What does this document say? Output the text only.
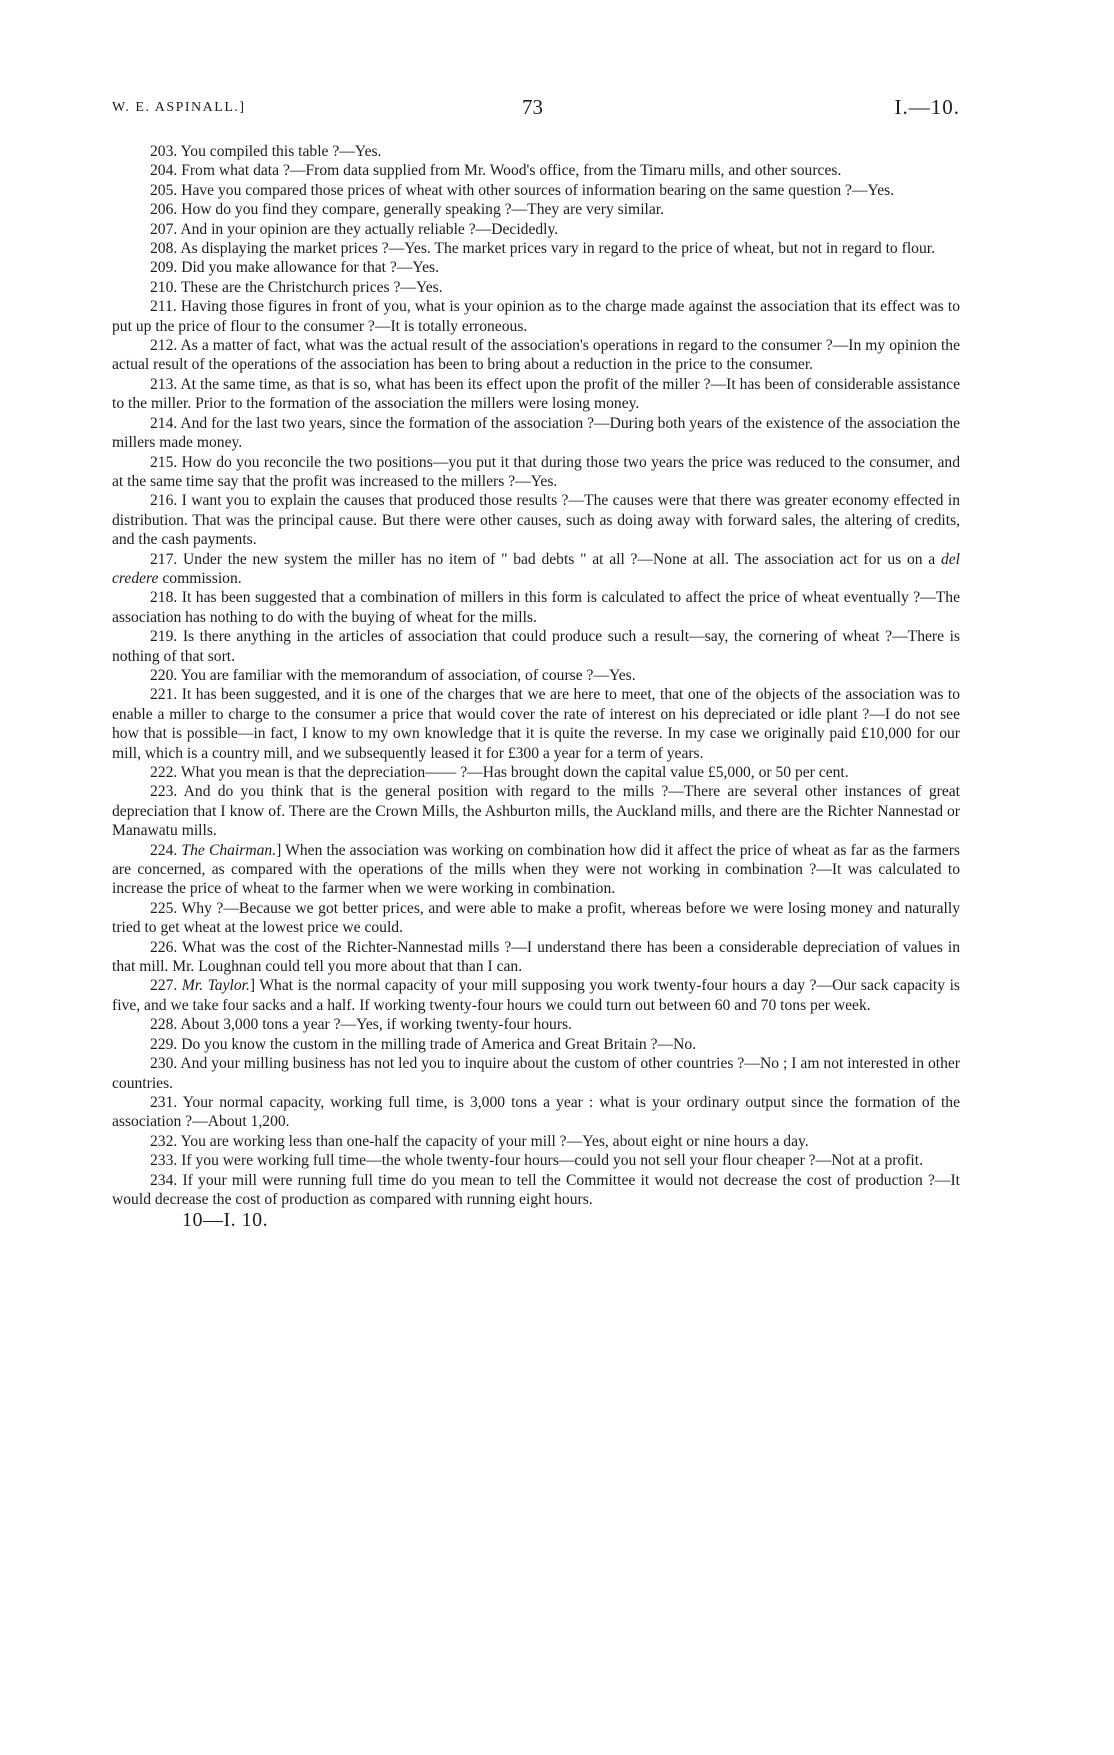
W. E. ASPINALL.]	73	I.—10.

203. You compiled this table ?—Yes.

204. From what data ?—From data supplied from Mr. Wood's office, from the Timaru mills, and other sources.

205. Have you compared those prices of wheat with other sources of information bearing on the same question ?—Yes.

206. How do you find they compare, generally speaking ?—They are very similar.

207. And in your opinion are they actually reliable ?—Decidedly.

208. As displaying the market prices ?—Yes. The market prices vary in regard to the price of wheat, but not in regard to flour.

209. Did you make allowance for that ?—Yes.

210. These are the Christchurch prices ?—Yes.

211. Having those figures in front of you, what is your opinion as to the charge made against the association that its effect was to put up the price of flour to the consumer ?—It is totally erroneous.

212. As a matter of fact, what was the actual result of the association's operations in regard to the consumer ?—In my opinion the actual result of the operations of the association has been to bring about a reduction in the price to the consumer.

213. At the same time, as that is so, what has been its effect upon the profit of the miller ?—It has been of considerable assistance to the miller. Prior to the formation of the association the millers were losing money.

214. And for the last two years, since the formation of the association ?—During both years of the existence of the association the millers made money.

215. How do you reconcile the two positions—you put it that during those two years the price was reduced to the consumer, and at the same time say that the profit was increased to the millers ?—Yes.

216. I want you to explain the causes that produced those results ?—The causes were that there was greater economy effected in distribution. That was the principal cause. But there were other causes, such as doing away with forward sales, the altering of credits, and the cash payments.

217. Under the new system the miller has no item of " bad debts " at all ?—None at all. The association act for us on a del credere commission.

218. It has been suggested that a combination of millers in this form is calculated to affect the price of wheat eventually ?—The association has nothing to do with the buying of wheat for the mills.

219. Is there anything in the articles of association that could produce such a result—say, the cornering of wheat ?—There is nothing of that sort.

220. You are familiar with the memorandum of association, of course ?—Yes.

221. It has been suggested, and it is one of the charges that we are here to meet, that one of the objects of the association was to enable a miller to charge to the consumer a price that would cover the rate of interest on his depreciated or idle plant ?—I do not see how that is possible—in fact, I know to my own knowledge that it is quite the reverse. In my case we originally paid £10,000 for our mill, which is a country mill, and we subsequently leased it for £300 a year for a term of years.

222. What you mean is that the depreciation—— ?—Has brought down the capital value £5,000, or 50 per cent.

223. And do you think that is the general position with regard to the mills ?—There are several other instances of great depreciation that I know of. There are the Crown Mills, the Ashburton mills, the Auckland mills, and there are the Richter Nannestad or Manawatu mills.

224. The Chairman.] When the association was working on combination how did it affect the price of wheat as far as the farmers are concerned, as compared with the operations of the mills when they were not working in combination ?—It was calculated to increase the price of wheat to the farmer when we were working in combination.

225. Why ?—Because we got better prices, and were able to make a profit, whereas before we were losing money and naturally tried to get wheat at the lowest price we could.

226. What was the cost of the Richter-Nannestad mills ?—I understand there has been a considerable depreciation of values in that mill. Mr. Loughnan could tell you more about that than I can.

227. Mr. Taylor.] What is the normal capacity of your mill supposing you work twenty-four hours a day ?—Our sack capacity is five, and we take four sacks and a half. If working twenty-four hours we could turn out between 60 and 70 tons per week.

228. About 3,000 tons a year ?—Yes, if working twenty-four hours.

229. Do you know the custom in the milling trade of America and Great Britain ?—No.

230. And your milling business has not led you to inquire about the custom of other countries ?—No ; I am not interested in other countries.

231. Your normal capacity, working full time, is 3,000 tons a year : what is your ordinary output since the formation of the association ?—About 1,200.

232. You are working less than one-half the capacity of your mill ?—Yes, about eight or nine hours a day.

233. If you were working full time—the whole twenty-four hours—could you not sell your flour cheaper ?—Not at a profit.

234. If your mill were running full time do you mean to tell the Committee it would not decrease the cost of production ?—It would decrease the cost of production as compared with running eight hours.

10—I. 10.
